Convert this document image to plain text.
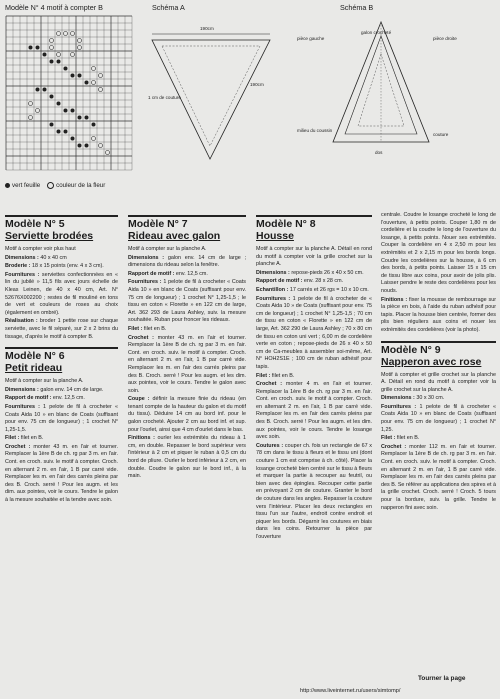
Modèle N° 4 motif à compter B	Schéma A	Schéma B
190cm
190cm
1 cm de couture
pièce gauche
galon crocheté
pièce droite
milieu du coussin
couture
dos
vert feuille	couleur de la fleur
Modèle N° 5
Serviette brodées

Motif à compter voir plus haut

Dimensions : 40 x 40 cm

Broderie : 18 x 15 points (env. 4 x 3 cm).

Fournitures : serviettes confectionnées en « lin du jubilé » 11,5 fils avec jours échelle de Kleas Leinen, de 40 x 40 cm, Art. N° 52676X002200 ; restes de fil mouliné en tons de vert et couleurs de roses au choix (également en ombré).

Réalisation : broder 1 petite rose sur chaque serviette, avec le fil séparé, sur 2 x 2 brins du tissage, d'après le motif à compter B.

Modèle N° 6
Petit rideau

Motif à compter sur la planche A.

Dimensions : galon env. 14 cm de large.

Rapport de motif : env. 12,5 cm.

Fournitures : 1 pelote de fil à crocheter « Coats Aida 10 » en blanc de Coats (suffisant pour env. 75 cm de longueur) ; 1 crochet N° 1,25-1,5.

Filet : filet en B.

Crochet : monter 43 m. en l'air et tourner. Remplacer la 1ère B de ch. rg par 3 m. en l'air. Cont. en croch. suiv. le motif à compter. Croch. en alternant 2 m. en l'air, 1 B par carré vide. Remplacer les m. en l'air des carrés pleins par des B. Croch. serré ! Pour les augm. et les dim. aux pointes, voir le cours. Tendre le galon à la mesure souhaitée et la tendre avec soin.

Modèle N° 7
Rideau avec galon

Motif à compter sur la planche A.

Dimensions : galon env. 14 cm de large ; dimensions du rideau selon la fenêtre.

Rapport de motif : env. 12,5 cm.

Fournitures : 1 pelote de fil à crocheter « Coats Aida 10 » en blanc de Coats (suffisant pour env. 75 cm de longueur) ; 1 crochet N° 1,25-1,5 ; le tissu en coton « Florette » en 122 cm de large, Art. 362 293 de Laura Ashley, suiv. la mesure souhaitée. Ruban pour froncer les rideaux.

Filet : filet en B.

Crochet : monter 43 m. en l'air et tourner. Remplacer la 1ère B de ch. rg par 3 m. en l'air. Cont. en croch. suiv. le motif à compter. Croch. en alternant 2 m. en l'air, 1 B par carré vide. Remplacer les m. en l'air des carrés pleins par des B. Croch. serré ! Pour les augm. et les dim. aux pointes, voir le cours. Tendre le galon avec soin.

Coupe : définir la mesure finie du rideau (en tenant compte de la hauteur du galon et du motif du tissu). Déduire 14 cm au bord inf. pour le galon crocheté. Ajouter 2 cm au bord inf. et sup. pour l'ourlet, ainsi que 4 cm d'ourlet dans le bas.

Finitions : ourler les extrémités du rideau à 1 cm, en double. Repasser le bord supérieur vers l'intérieur à 2 cm et piquer le ruban à 0,5 cm du bord de pliure. Ourler le bord inférieur à 2 cm, en double. Coudre le galon sur le bord inf., à la main.

Modèle N° 8
Housse

Motif à compter sur la planche A. Détail en rond du motif à compter voir la grille crochet sur la planche A.

Dimensions : repose-pieds 26 x 40 x 50 cm.

Rapport de motif : env. 28 x 28 cm.

Echantillon : 17 carrés et 26 rgs = 10 x 10 cm.

Fournitures : 1 pelote de fil à crocheter de « Coats Aida 10 » de Coats (suffisant pour env. 75 cm de longueur) ; 1 crochet N° 1,25-1,5 ; 70 cm de tissu en coton « Florette » en 122 cm de large, Art. 362 290 de Laura Ashley ; 70 x 80 cm de tissu en coton uni vert ; 6,00 m de cordelière verte en coton ; repose-pieds de 26 x 40 x 50 cm de Ca-meubles à assembler soi-même, Art. N° HOH2S1E ; 100 cm de ruban adhésif pour tapis.

Filet : filet en B.

Crochet : monter 4 m. en l'air et tourner. Remplacer la 1ère B de ch. rg par 3 m. en l'air. Cont. en croch. suiv. le motif à compter. Croch. en alternant 2 m. en l'air, 1 B par carré vide. Remplacer les m. en l'air des carrés pleins par des B. Croch. serré ! Pour les augm. et les dim. aux pointes, voir le cours. Tendre le losange avec soin.

Coutures : couper ch. fois un rectangle de 67 x 78 cm dans le tissu à fleurs et le tissu uni (dont couture 1 cm est comprise à ch. côté). Placer la losange crocheté bien centré sur le tissu à fleurs et marquer la partie à recouper au feutril, ou bien avec des épingles. Recouper cette partie en prévoyant 2 cm de couture. Granter le bord de couture dans les angles. Repasser la couture vers l'intérieur. Placer les deux rectangles en tissu l'un sur l'autre, endroit contre endroit et piquer les bords. Dégarnir les coutures en biais dans les coins. Retourner la pièce par l'ouverture

centrale. Coudre le losange crocheté le long de l'ouverture, à petits points. Couper 1,80 m de cordelière et la coudre le long de l'ouverture du losange, à petits points. Nouer ses extrémités. Couper la cordelière en 4 x 2,50 m pour les extrémités et 2 x 2,15 m pour les bords longs. Coudre les cordelières sur la housse, à 6 cm des bords, à petits points. Laisser 15 x 15 cm de tissu libre aux coins, pour avoir de jolis plis. Laisser pendre le reste des cordelières pour les nouds.

Finitions : fixer la mousse de rembourrage sur la pièce en bois, à l'aide du ruban adhésif pour tapis. Placer la housse bien centrée, former des plis bien réguliers aux coins et nouer les extrémités des cordelières (voir la photo).

Modèle N° 9
Napperon avec rose

Motif à compter et grille crochet sur la planche A. Détail en rond du motif à compter voir la grille crochet sur la planche A.

Dimensions : 30 x 30 cm.

Fournitures : 1 pelote de fil à crocheter « Coats Aida 10 » en blanc de Coats (suffisant pour env. 75 cm de longueur) ; 1 crochet N° 1,25.

Filet : filet en B.

Crochet : monter 112 m. en l'air et tourner. Remplacer la 1ère B de ch. rg par 3 m. en l'air. Cont. en croch. suiv. le motif à compter. Croch. en alternant 2 m. en l'air, 1 B par carré vide. Remplacer les m. en l'air des carrés pleins par des B. Se référer au applications des spires et à la grille crochet. Croch. serré ! Croch. 5 tours pour la bordure, suiv. la grille. Tendre le napperon fini avec soin.

Tourner la page
http://www.liveinternet.ru/users/simtomp/
